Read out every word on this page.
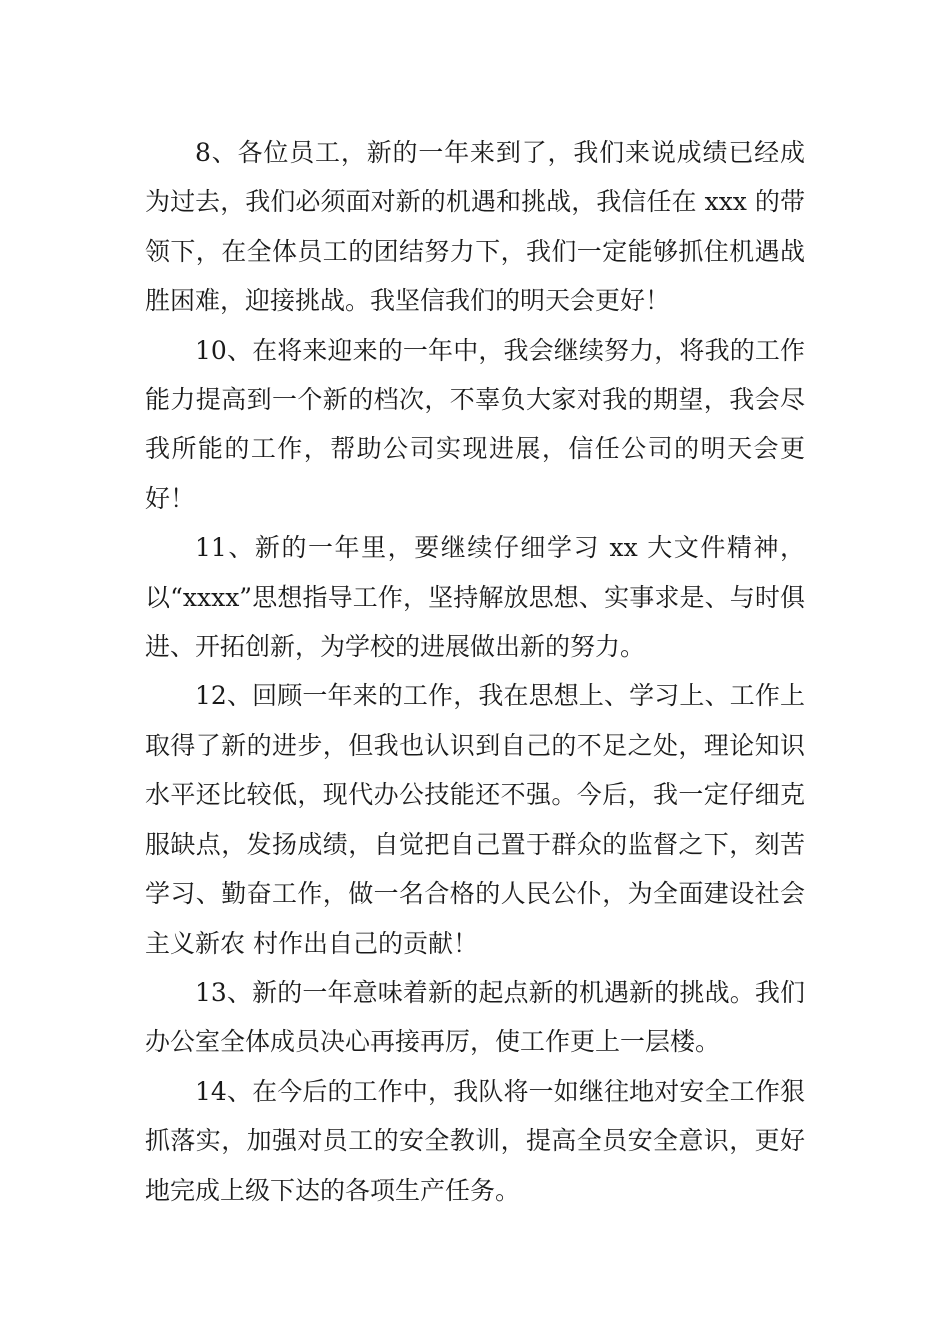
8、各位员工，新的一年来到了，我们来说成绩已经成为过去，我们必须面对新的机遇和挑战，我信任在 xxx 的带领下，在全体员工的团结努力下，我们一定能够抓住机遇战胜困难，迎接挑战。我坚信我们的明天会更好！

10、在将来迎来的一年中，我会继续努力，将我的工作能力提高到一个新的档次，不辜负大家对我的期望，我会尽我所能的工作，帮助公司实现进展，信任公司的明天会更好！

11、新的一年里，要继续仔细学习 xx 大文件精神，以“xxxx”思想指导工作，坚持解放思想、实事求是、与时俱进、开拓创新，为学校的进展做出新的努力。

12、回顾一年来的工作，我在思想上、学习上、工作上取得了新的进步，但我也认识到自己的不足之处，理论知识水平还比较低，现代办公技能还不强。今后，我一定仔细克服缺点，发扬成绩，自觉把自己置于群众的监督之下，刻苦学习、勤奋工作，做一名合格的人民公仆，为全面建设社会主义新农 村作出自己的贡献！

13、新的一年意味着新的起点新的机遇新的挑战。我们办公室全体成员决心再接再厉，使工作更上一层楼。

14、在今后的工作中，我队将一如继往地对安全工作狠抓落实，加强对员工的安全教训，提高全员安全意识，更好地完成上级下达的各项生产任务。
